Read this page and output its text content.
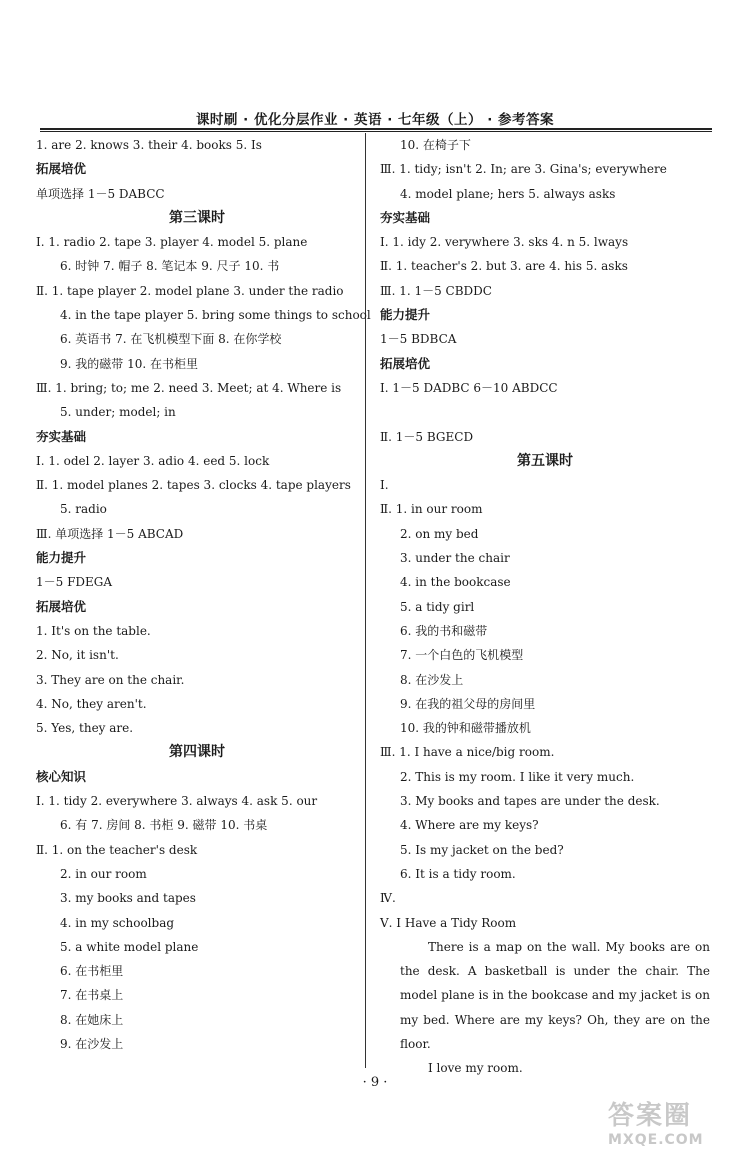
课时刷 · 优化分层作业 · 英语 · 七年级（上） · 参考答案
1. are 2. knows 3. their 4. books 5. Is
拓展培优
单项选择 1－5 DABCC
第三课时
Ⅰ. 1. radio 2. tape 3. player 4. model 5. plane
6. 时钟 7. 帽子 8. 笔记本 9. 尺子 10. 书
Ⅱ. 1. tape player 2. model plane 3. under the radio
4. in the tape player 5. bring some things to school
6. 英语书 7. 在飞机模型下面 8. 在你学校
9. 我的磁带 10. 在书柜里
Ⅲ. 1. bring; to; me 2. need 3. Meet; at 4. Where is
5. under; model; in
夯实基础
Ⅰ. 1. odel 2. layer 3. adio 4. eed 5. lock
Ⅱ. 1. model planes 2. tapes 3. clocks 4. tape players
5. radio
Ⅲ. 单项选择 1－5 ABCAD
能力提升
1－5 FDEGA
拓展培优
1. It's on the table.
2. No, it isn't.
3. They are on the chair.
4. No, they aren't.
5. Yes, they are.
第四课时
核心知识
Ⅰ. 1. tidy 2. everywhere 3. always 4. ask 5. our
6. 有 7. 房间 8. 书柜 9. 磁带 10. 书桌
Ⅱ. 1. on the teacher's desk
2. in our room
3. my books and tapes
4. in my schoolbag
5. a white model plane
6. 在书柜里
7. 在书桌上
8. 在她床上
9. 在沙发上
10. 在椅子下
Ⅲ. 1. tidy; isn't 2. In; are 3. Gina's; everywhere
4. model plane; hers 5. always asks
夯实基础
Ⅰ. 1. idy 2. verywhere 3. sks 4. n 5. lways
Ⅱ. 1. teacher's 2. but 3. are 4. his 5. asks
Ⅲ. 1. 1－5 CBDDC
能力提升
1－5 BDBCA
拓展培优
Ⅰ. 1－5 DADBC 6－10 ABDCC
Ⅱ. 1－5 BGECD
第五课时
Ⅰ.
Ⅱ. 1. in our room
2. on my bed
3. under the chair
4. in the bookcase
5. a tidy girl
6. 我的书和磁带
7. 一个白色的飞机模型
8. 在沙发上
9. 在我的祖父母的房间里
10. 我的钟和磁带播放机
Ⅲ. 1. I have a nice/big room.
2. This is my room. I like it very much.
3. My books and tapes are under the desk.
4. Where are my keys?
5. Is my jacket on the bed?
6. It is a tidy room.
Ⅳ.
Ⅴ. I Have a Tidy Room
There is a map on the wall. My books are on the desk. A basketball is under the chair. The model plane is in the bookcase and my jacket is on my bed. Where are my keys? Oh, they are on the floor.
I love my room.
· 9 ·
答案圈
MXQE.COM
